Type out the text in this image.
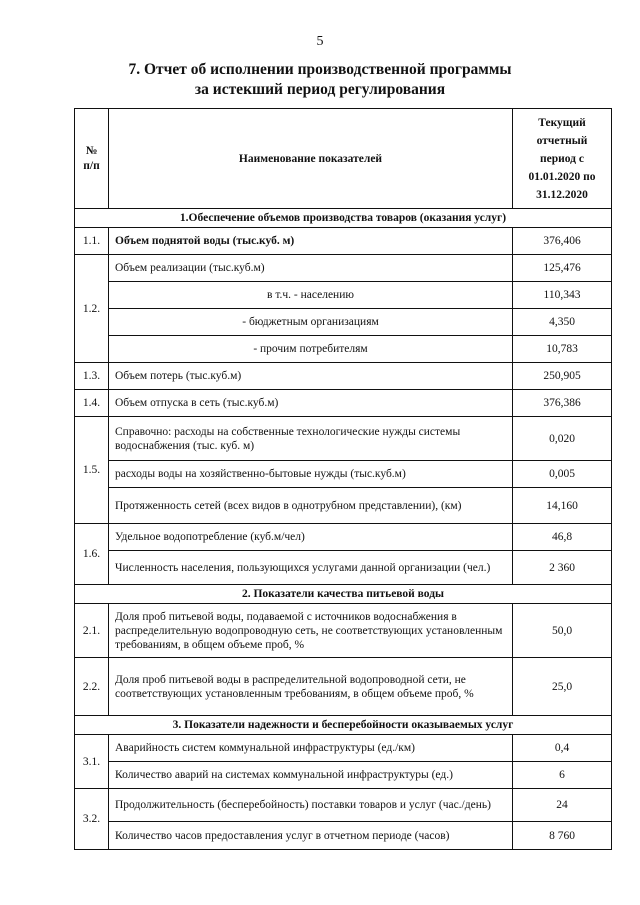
5
7. Отчет об исполнении производственной программы
за истекший период регулирования
№ п/п	Наименование показателей	Текущий отчетный период с 01.01.2020 по 31.12.2020
1.Обеспечение объемов производства товаров (оказания услуг)		
1.1.	Объем поднятой воды (тыс.куб. м)	376,406
1.2.	Объем реализации (тыс.куб.м)	125,476
	в т.ч. - населению	110,343
	- бюджетным организациям	4,350
	- прочим потребителям	10,783
1.3.	Объем потерь (тыс.куб.м)	250,905
1.4.	Объем отпуска в сеть (тыс.куб.м)	376,386
1.5.	Справочно: расходы на собственные технологические нужды системы водоснабжения (тыс. куб. м)	0,020
	расходы воды на хозяйственно-бытовые нужды (тыс.куб.м)	0,005
	Протяженность сетей (всех видов в однотрубном представлении), (км)	14,160
1.6.	Удельное водопотребление (куб.м/чел)	46,8
	Численность населения, пользующихся услугами данной организации (чел.)	2 360
2. Показатели качества питьевой воды		
2.1.	Доля проб питьевой воды, подаваемой с источников водоснабжения в распределительную водопроводную сеть, не соответствующих установленным требованиям, в общем объеме проб, %	50,0
2.2.	Доля проб питьевой воды в распределительной водопроводной сети, не соответствующих установленным требованиям, в общем объеме проб, %	25,0
3. Показатели надежности и бесперебойности оказываемых услуг		
3.1.	Аварийность систем коммунальной инфраструктуры (ед./км)	0,4
	Количество аварий на системах коммунальной инфраструктуры (ед.)	6
3.2.	Продолжительность (бесперебойность) поставки товаров и услуг (час./день)	24
	Количество часов предоставления услуг в отчетном периоде (часов)	8 760
